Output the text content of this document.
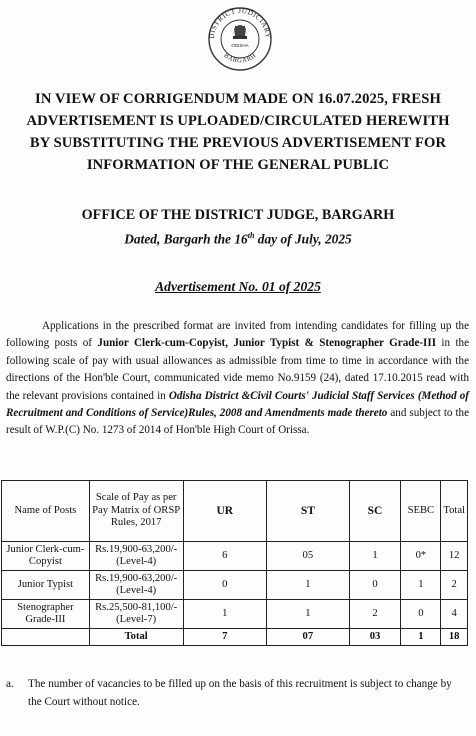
DISTRICT JUDICIARY
BARGARH
ODISHA
IN VIEW OF CORRIGENDUM MADE ON 16.07.2025, FRESH ADVERTISEMENT IS UPLOADED/CIRCULATED HEREWITH BY SUBSTITUTING THE PREVIOUS ADVERTISEMENT FOR INFORMATION OF THE GENERAL PUBLIC
OFFICE OF THE DISTRICT JUDGE, BARGARH
Dated, Bargarh the 16th day of July, 2025
Advertisement No. 01 of 2025
Applications in the prescribed format are invited from intending candidates for filling up the following posts of Junior Clerk-cum-Copyist, Junior Typist & Stenographer Grade-III in the following scale of pay with usual allowances as admissible from time to time in accordance with the directions of the Hon'ble Court, communicated vide memo No.9159 (24), dated 17.10.2015 read with the relevant provisions contained in Odisha District &Civil Courts' Judicial Staff Services (Method of Recruitment and Conditions of Service)Rules, 2008 and Amendments made thereto and subject to the result of W.P.(C) No. 1273 of 2014 of Hon'ble High Court of Orissa.
Name of Posts	Scale of Pay as per Pay Matrix of ORSP Rules, 2017	UR	ST	SC	SEBC	Total
Junior Clerk-cum-Copyist	Rs.19,900-63,200/-(Level-4)	6	05	1	0*	12
Junior Typist	Rs.19,900-63,200/-(Level-4)	0	1	0	1	2
Stenographer Grade-III	Rs.25,500-81,100/-(Level-7)	1	1	2	0	4
	Total	7	07	03	1	18
a. The number of vacancies to be filled up on the basis of this recruitment is subject to change by the Court without notice.
